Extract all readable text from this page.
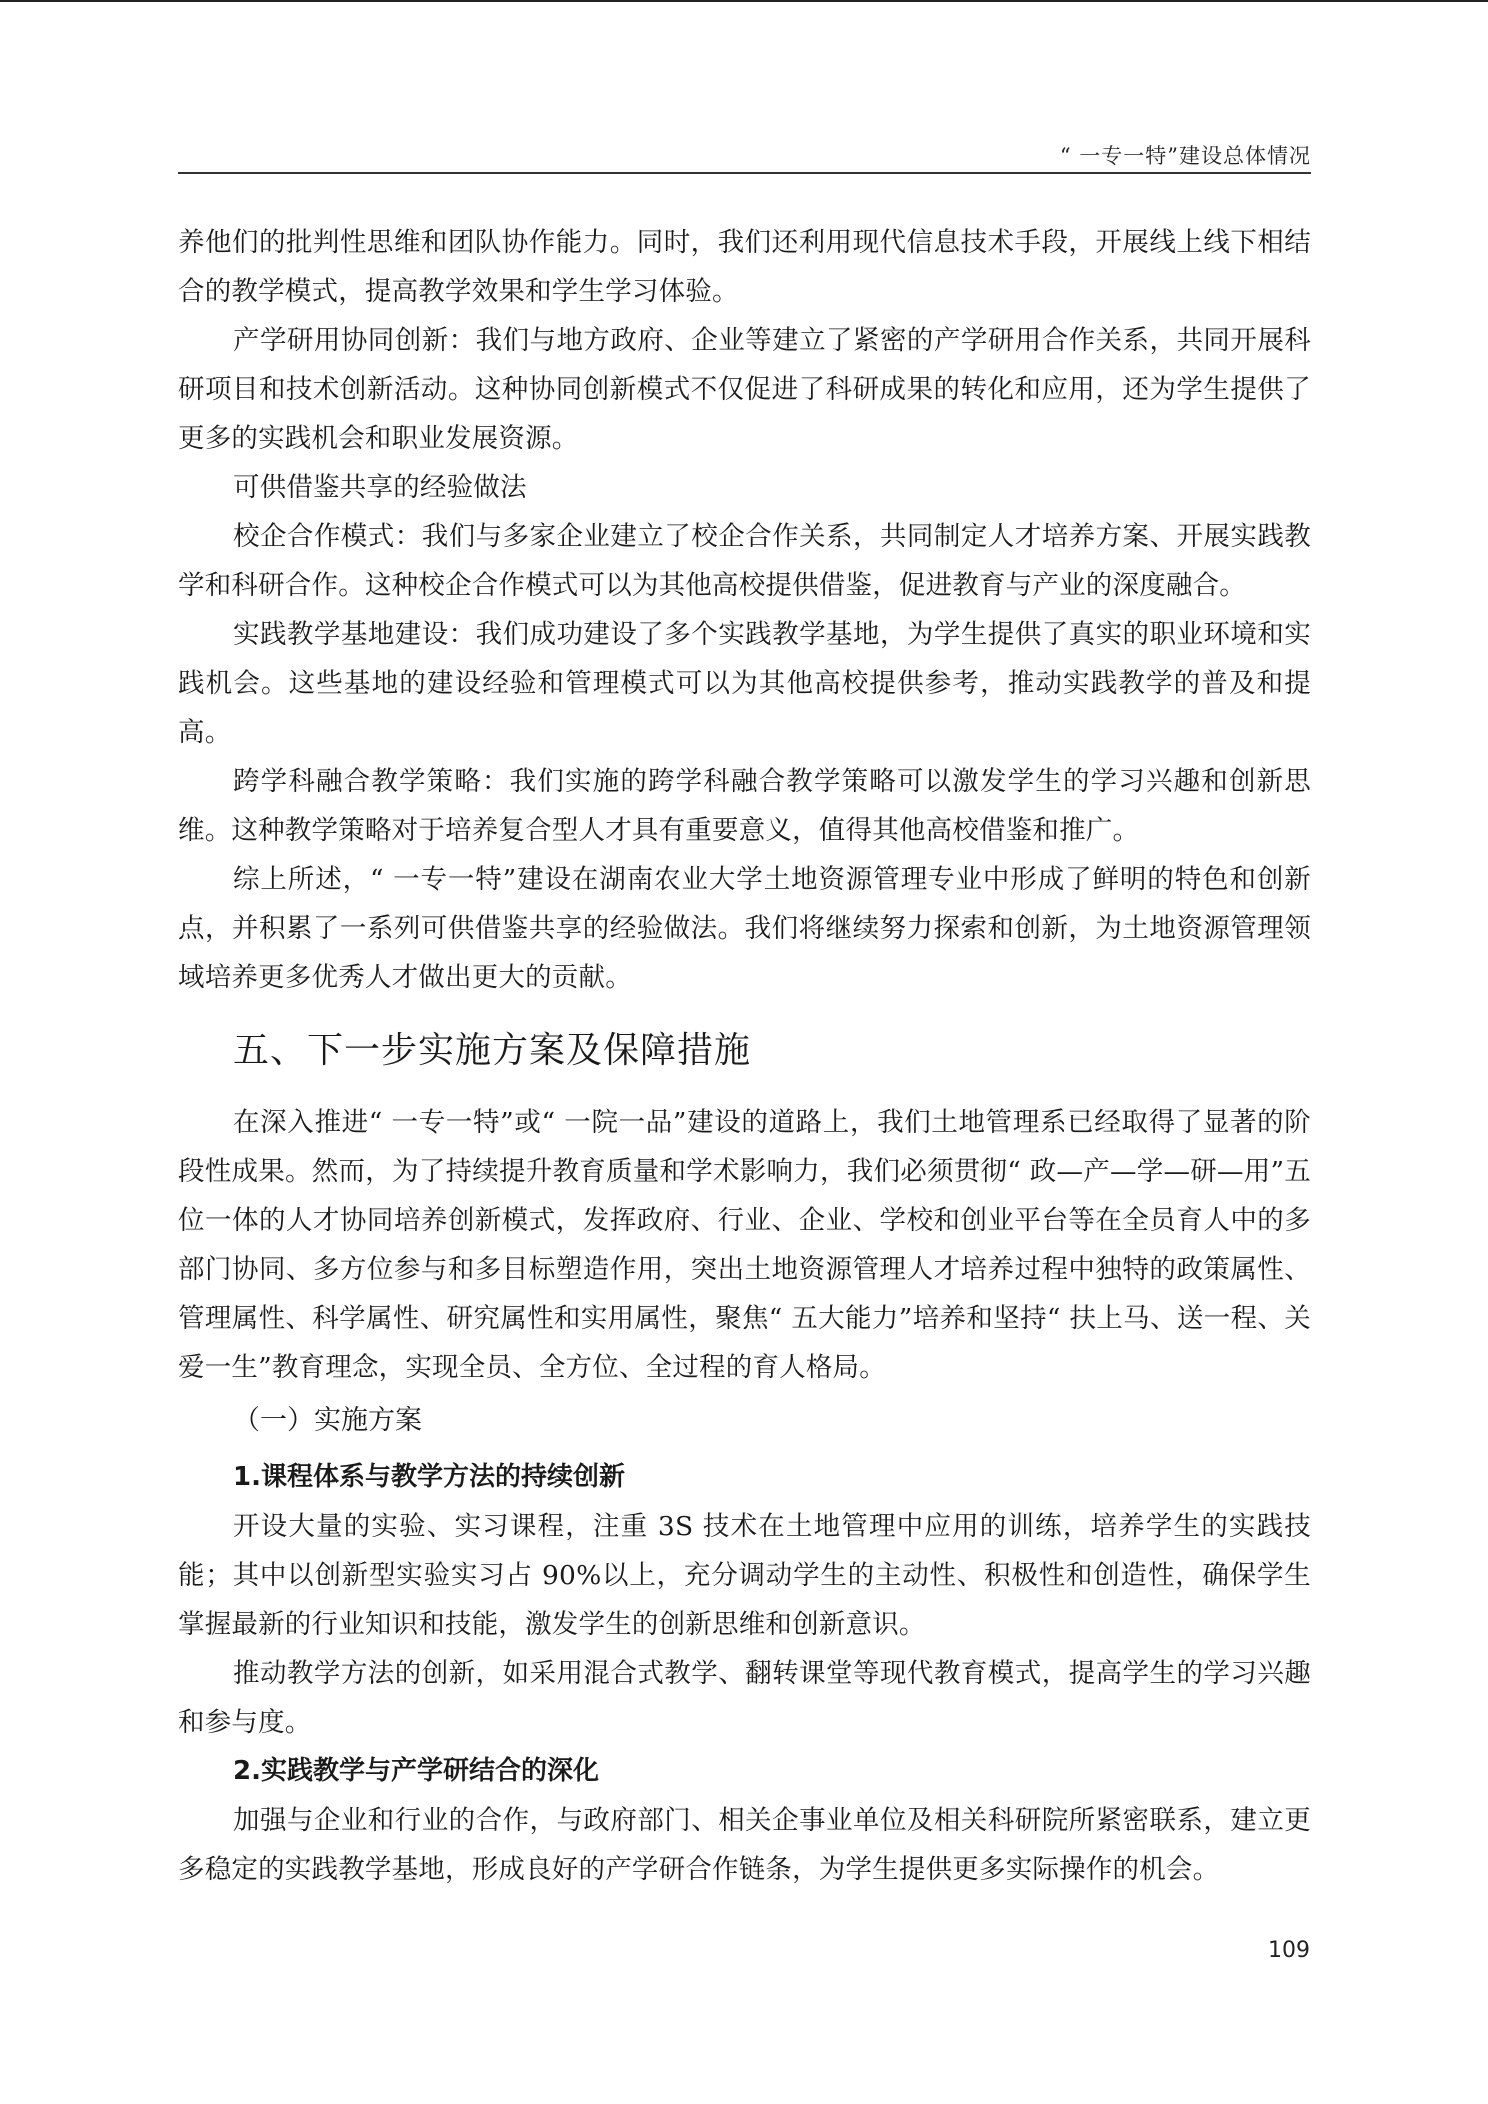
“ 一专一特”建设总体情况

养他们的批判性思维和团队协作能力。同时，我们还利用现代信息技术手段，开展线上线下相结合的教学模式，提高教学效果和学生学习体验。

产学研用协同创新：我们与地方政府、企业等建立了紧密的产学研用合作关系，共同开展科研项目和技术创新活动。这种协同创新模式不仅促进了科研成果的转化和应用，还为学生提供了更多的实践机会和职业发展资源。

可供借鉴共享的经验做法

校企合作模式：我们与多家企业建立了校企合作关系，共同制定人才培养方案、开展实践教学和科研合作。这种校企合作模式可以为其他高校提供借鉴，促进教育与产业的深度融合。

实践教学基地建设：我们成功建设了多个实践教学基地，为学生提供了真实的职业环境和实践机会。这些基地的建设经验和管理模式可以为其他高校提供参考，推动实践教学的普及和提高。

跨学科融合教学策略：我们实施的跨学科融合教学策略可以激发学生的学习兴趣和创新思维。这种教学策略对于培养复合型人才具有重要意义，值得其他高校借鉴和推广。

综上所述，“ 一专一特”建设在湖南农业大学土地资源管理专业中形成了鲜明的特色和创新点，并积累了一系列可供借鉴共享的经验做法。我们将继续努力探索和创新，为土地资源管理领域培养更多优秀人才做出更大的贡献。

五、下一步实施方案及保障措施

在深入推进“ 一专一特”或“ 一院一品”建设的道路上，我们土地管理系已经取得了显著的阶段性成果。然而，为了持续提升教育质量和学术影响力，我们必须贯彻“ 政—产—学—研—用”五位一体的人才协同培养创新模式，发挥政府、行业、企业、学校和创业平台等在全员育人中的多部门协同、多方位参与和多目标塑造作用，突出土地资源管理人才培养过程中独特的政策属性、管理属性、科学属性、研究属性和实用属性，聚焦“ 五大能力”培养和坚持“ 扶上马、送一程、关爱一生”教育理念，实现全员、全方位、全过程的育人格局。

（一）实施方案
1.课程体系与教学方法的持续创新

开设大量的实验、实习课程，注重 3S 技术在土地管理中应用的训练，培养学生的实践技能；其中以创新型实验实习占 90%以上，充分调动学生的主动性、积极性和创造性，确保学生掌握最新的行业知识和技能，激发学生的创新思维和创新意识。

推动教学方法的创新，如采用混合式教学、翻转课堂等现代教育模式，提高学生的学习兴趣和参与度。

2.实践教学与产学研结合的深化

加强与企业和行业的合作，与政府部门、相关企事业单位及相关科研院所紧密联系，建立更多稳定的实践教学基地，形成良好的产学研合作链条，为学生提供更多实际操作的机会。

109
